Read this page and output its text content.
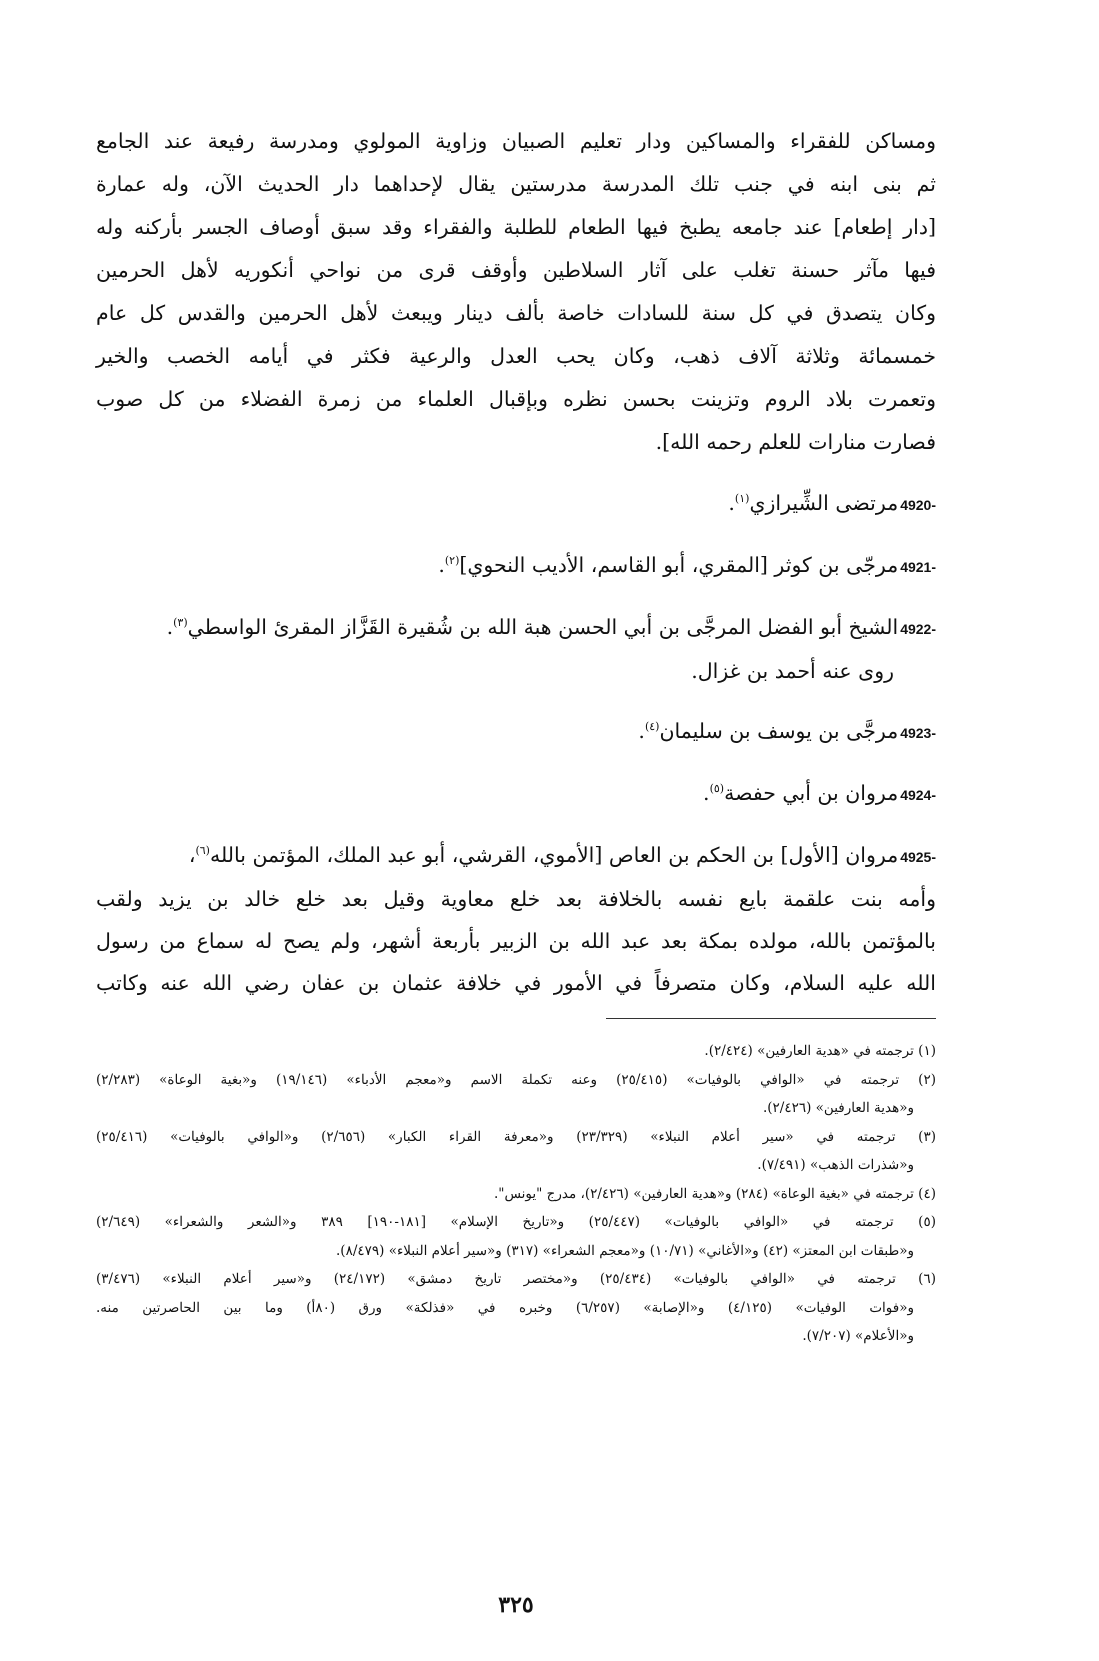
ومساكن للفقراء والمساكين ودار تعليم الصبيان وزاوية المولوي ومدرسة رفيعة عند الجامع

ثم بنى ابنه في جنب تلك المدرسة مدرستين يقال لإحداهما دار الحديث الآن، وله عمارة

[دار إطعام] عند جامعه يطبخ فيها الطعام للطلبة والفقراء وقد سبق أوصاف الجسر بأركنه وله

فيها مآثر حسنة تغلب على آثار السلاطين وأوقف قرى من نواحي أنكوريه لأهل الحرمين

وكان يتصدق في كل سنة للسادات خاصة بألف دينار ويبعث لأهل الحرمين والقدس كل عام

خمسمائة وثلاثة آلاف ذهب، وكان يحب العدل والرعية فكثر في أيامه الخصب والخير

وتعمرت بلاد الروم وتزينت بحسن نظره وبإقبال العلماء من زمرة الفضلاء من كل صوب

فصارت منارات للعلم رحمه الله].

4920-مرتضى الشِّيرازي$^{(١)}$.
4921-مرجّى بن كوثر [المقري، أبو القاسم، الأديب النحوي]$^{(٢)}$.
4922-الشيخ أبو الفضل المرجَّى بن أبي الحسن هبة الله بن شُقيرة القَزَّاز المقرئ الواسطي$^{(٣)}$.
روى عنه أحمد بن غزال.
4923-مرجَّى بن يوسف بن سليمان$^{(٤)}$.
4924-مروان بن أبي حفصة$^{(٥)}$.
4925-مروان [الأول] بن الحكم بن العاص [الأموي، القرشي، أبو عبد الملك، المؤتمن بالله$^{(٦)}$،
وأمه بنت علقمة بايع نفسه بالخلافة بعد خلع معاوية وقيل بعد خلع خالد بن يزيد ولقب
بالمؤتمن بالله، مولده بمكة بعد عبد الله بن الزبير بأربعة أشهر، ولم يصح له سماع من رسول
الله عليه السلام، وكان متصرفاً في الأمور في خلافة عثمان بن عفان رضي الله عنه وكاتب
(١) ترجمته في «هدية العارفين» (٢/٤٢٤).
(٢) ترجمته في «الوافي بالوفيات» (٢٥/٤١٥) وعنه تكملة الاسم و«معجم الأدباء» (١٩/١٤٦) و«بغية الوعاة» (٢/٢٨٣)
و«هدية العارفين» (٢/٤٢٦).
(٣) ترجمته في «سير أعلام النبلاء» (٢٣/٣٢٩) و«معرفة القراء الكبار» (٢/٦٥٦) و«الوافي بالوفيات» (٢٥/٤١٦)
و«شذرات الذهب» (٧/٤٩١).
(٤) ترجمته في «بغية الوعاة» (٢٨٤) و«هدية العارفين» (٢/٤٢٦)، مدرج "يونس".
(٥) ترجمته في «الوافي بالوفيات» (٢٥/٤٤٧) و«تاريخ الإسلام» [١٨١-١٩٠] ٣٨٩ و«الشعر والشعراء» (٢/٦٤٩)
و«طبقات ابن المعتز» (٤٢) و«الأغاني» (١٠/٧١) و«معجم الشعراء» (٣١٧) و«سير أعلام النبلاء» (٨/٤٧٩).
(٦) ترجمته في «الوافي بالوفيات» (٢٥/٤٣٤) و«مختصر تاريخ دمشق» (٢٤/١٧٢) و«سير أعلام النبلاء» (٣/٤٧٦)
و«فوات الوفيات» (٤/١٢٥) و«الإصابة» (٦/٢٥٧) وخبره في «فذلكة» ورق (٨٠أ) وما بين الحاصرتين منه.
و«الأعلام» (٧/٢٠٧).
٣٢٥
